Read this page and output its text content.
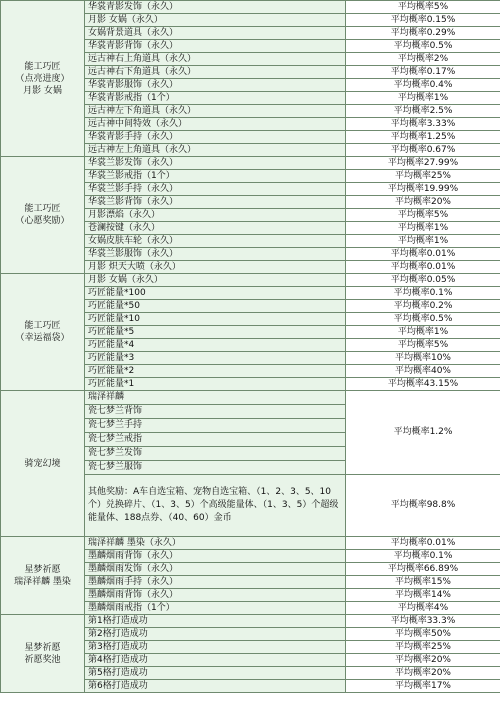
能工巧匠
（点亮进度）
月影 女娲	华裳青影发饰（永久）	平均概率5%
	月影 女娲（永久）	平均概率0.15%
	女娲背景道具（永久）	平均概率0.29%
	华裳青影背饰（永久）	平均概率0.5%
	远古神右上角道具（永久）	平均概率2%
	远古神右下角道具（永久）	平均概率0.17%
	华裳青影服饰（永久）	平均概率0.4%
	华裳青影戒指（1个）	平均概率1%
	远古神左下角道具（永久）	平均概率2.5%
	远古神中间特效（永久）	平均概率3.33%
	华裳青影手持（永久）	平均概率1.25%
	远古神左上角道具（永久）	平均概率0.67%

能工巧匠
（心愿奖励）	华裳兰影发饰（永久）	平均概率27.99%
	华裳兰影戒指（1个）	平均概率25%
	华裳兰影手持（永久）	平均概率19.99%
	华裳兰影背饰（永久）	平均概率20%
	月影漂焰（永久）	平均概率5%
	苍澜按键（永久）	平均概率1%
	女娲皮肤车轮（永久）	平均概率1%
	华裳兰影服饰（永久）	平均概率0.01%
	月影 炽天大喷（永久）	平均概率0.01%

能工巧匠
（幸运福袋）	月影 女娲（永久）	平均概率0.05%
	巧匠能量*100	平均概率0.1%
	巧匠能量*50	平均概率0.2%
	巧匠能量*10	平均概率0.5%
	巧匠能量*5	平均概率1%
	巧匠能量*4	平均概率5%
	巧匠能量*3	平均概率10%
	巧匠能量*2	平均概率40%
	巧匠能量*1	平均概率43.15%

骑宠幻境	瑞泽祥麟	平均概率1.2%
	瓷七梦兰背饰	
	瓷七梦兰手持	
	瓷七梦兰戒指	
	瓷七梦兰发饰	
	瓷七梦兰服饰	
	其他奖励：A车自选宝箱、宠物自选宝箱、（1、2、3、5、10个）兑换碎片、（1、3、5）个高级能量体、（1、3、5）个超级能量体、188点券、（40、60）金币	平均概率98.8%

星梦祈愿
瑞泽祥麟 墨染	瑞泽祥麟 墨染（永久）	平均概率0.01%
	墨麟烟雨背饰（永久）	平均概率0.1%
	墨麟烟雨发饰（永久）	平均概率66.89%
	墨麟烟雨手持（永久）	平均概率15%
	墨麟烟雨背饰（永久）	平均概率14%
	墨麟烟雨戒指（1个）	平均概率4%

星梦祈愿
祈愿奖池	第1格打造成功	平均概率33.3%
	第2格打造成功	平均概率50%
	第3格打造成功	平均概率25%
	第4格打造成功	平均概率20%
	第5格打造成功	平均概率20%
	第6格打造成功	平均概率17%
